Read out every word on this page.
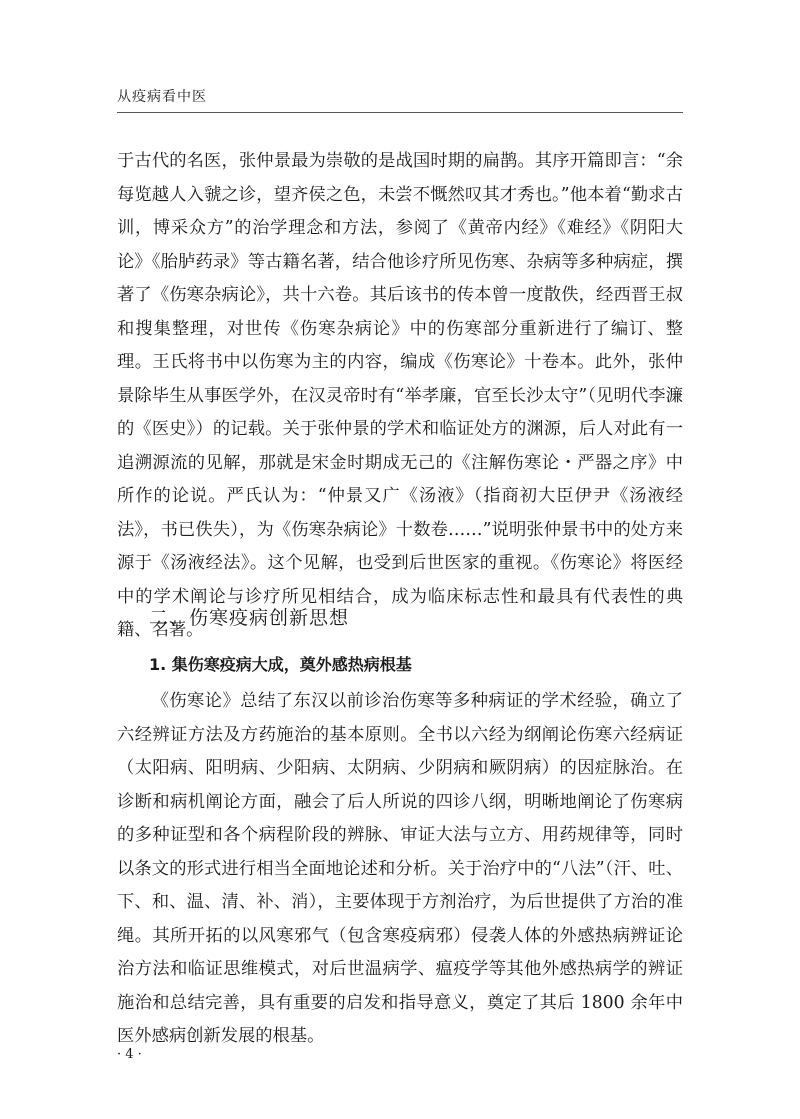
从疫病看中医

于古代的名医，张仲景最为崇敬的是战国时期的扁鹊。其序开篇即言：“余每览越人入虢之诊，望齐侯之色，未尝不慨然叹其才秀也。”他本着“勤求古训，博采众方”的治学理念和方法，参阅了《黄帝内经》《难经》《阴阳大论》《胎胪药录》等古籍名著，结合他诊疗所见伤寒、杂病等多种病症，撰著了《伤寒杂病论》，共十六卷。其后该书的传本曾一度散佚，经西晋王叔和搜集整理，对世传《伤寒杂病论》中的伤寒部分重新进行了编订、整理。王氏将书中以伤寒为主的内容，编成《伤寒论》十卷本。此外，张仲景除毕生从事医学外，在汉灵帝时有“举孝廉，官至长沙太守”（见明代李濂的《医史》）的记载。关于张仲景的学术和临证处方的渊源，后人对此有一追溯源流的见解，那就是宋金时期成无己的《注解伤寒论・严器之序》中所作的论说。严氏认为：“仲景又广《汤液》（指商初大臣伊尹《汤液经法》，书已佚失），为《伤寒杂病论》十数卷……”说明张仲景书中的处方来源于《汤液经法》。这个见解，也受到后世医家的重视。《伤寒论》将医经中的学术阐论与诊疗所见相结合，成为临床标志性和最具有代表性的典籍、名著。

二、伤寒疫病创新思想
1. 集伤寒疫病大成，奠外感热病根基

《伤寒论》总结了东汉以前诊治伤寒等多种病证的学术经验，确立了六经辨证方法及方药施治的基本原则。全书以六经为纲阐论伤寒六经病证（太阳病、阳明病、少阳病、太阴病、少阴病和厥阴病）的因症脉治。在诊断和病机阐论方面，融会了后人所说的四诊八纲，明晰地阐论了伤寒病的多种证型和各个病程阶段的辨脉、审证大法与立方、用药规律等，同时以条文的形式进行相当全面地论述和分析。关于治疗中的“八法”（汗、吐、下、和、温、清、补、消），主要体现于方剂治疗，为后世提供了方治的准绳。其所开拓的以风寒邪气（包含寒疫病邪）侵袭人体的外感热病辨证论治方法和临证思维模式，对后世温病学、瘟疫学等其他外感热病学的辨证施治和总结完善，具有重要的启发和指导意义，奠定了其后 1800 余年中医外感病创新发展的根基。

· 4 ·
